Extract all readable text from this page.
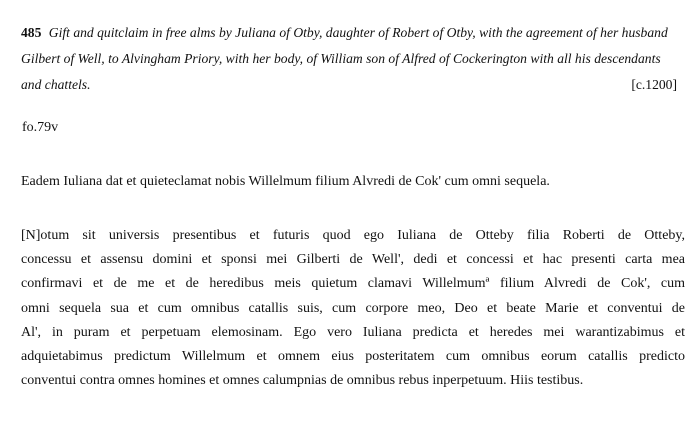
485 Gift and quitclaim in free alms by Juliana of Otby, daughter of Robert of Otby, with the agreement of her husband
Gilbert of Well, to Alvingham Priory, with her body, of William son of Alfred of Cockerington with all his descendants
and chattels.	[c.1200]
fo.79v
Eadem Iuliana dat et quieteclamat nobis Willelmum filium Alvredi de Cok' cum omni sequela.
[N]otum sit universis presentibus et futuris quod ego Iuliana de Otteby filia Roberti de Otteby,
concessu et assensu domini et sponsi mei Gilberti de Well', dedi et concessi et hac presenti carta mea
confirmavi et de me et de heredibus meis quietum clamavi Willelmumª filium Alvredi de Cok', cum
omni sequela sua et cum omnibus catallis suis, cum corpore meo, Deo et beate Marie et conventui de
Al', in puram et perpetuam elemosinam. Ego vero Iuliana predicta et heredes mei warantizabimus et
adquietabimus predictum Willelmum et omnem eius posteritatem cum omnibus eorum catallis predicto
conventui contra omnes homines et omnes calumpnias de omnibus rebus inperpetuum. Hiis testibus.
